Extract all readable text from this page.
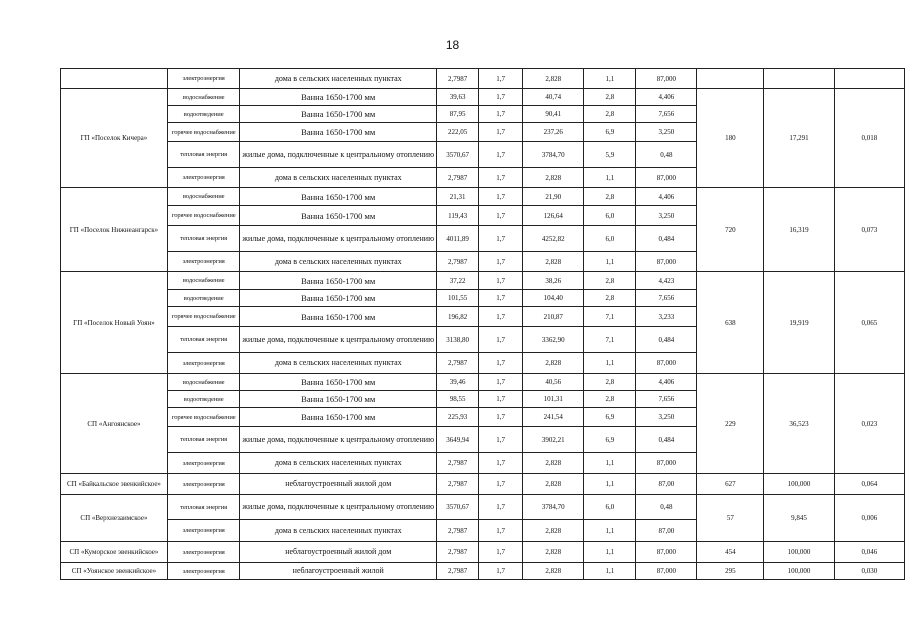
18
	электроэнергия	дома в сельских населенных пунктах	2,7987	1,7	2,828	1,1	87,000			
ГП «Поселок Кичера»	водоснабжение	Ванна 1650-1700 мм	39,63	1,7	40,74	2,8	4,406	180	17,291	0,018
	водоотведение	Ванна 1650-1700 мм	87,95	1,7	90,41	2,8	7,656			
	горячее водоснабжение	Ванна 1650-1700 мм	222,05	1,7	237,26	6,9	3,250			
	тепловая энергия	жилые дома, подключенные к центральному отоплению	3570,67	1,7	3784,70	5,9	0,48			
	электроэнергия	дома в сельских населенных пунктах	2,7987	1,7	2,828	1,1	87,000			
ГП «Поселок Нижнеангарск»	водоснабжение	Ванна 1650-1700 мм	21,31	1,7	21,90	2,8	4,406	720	16,319	0,073
	горячее водоснабжение	Ванна 1650-1700 мм	119,43	1,7	126,64	6,0	3,250			
	тепловая энергия	жилые дома, подключенные к центральному отоплению	4011,89	1,7	4252,82	6,0	0,484			
	электроэнергия	дома в сельских населенных пунктах	2,7987	1,7	2,828	1,1	87,000			
ГП «Поселок Новый Уоян»	водоснабжение	Ванна 1650-1700 мм	37,22	1,7	38,26	2,8	4,423	638	19,919	0,065
	водоотведение	Ванна 1650-1700 мм	101,55	1,7	104,40	2,8	7,656			
	горячее водоснабжение	Ванна 1650-1700 мм	196,82	1,7	210,87	7,1	3,233			
	тепловая энергия	жилые дома, подключенные к центральному отоплению	3138,80	1,7	3362,90	7,1	0,484			
	электроэнергия	дома в сельских населенных пунктах	2,7987	1,7	2,828	1,1	87,000			
СП «Ангоянское»	водоснабжение	Ванна 1650-1700 мм	39,46	1,7	40,56	2,8	4,406	229	36,523	0,023
	водоотведение	Ванна 1650-1700 мм	98,55	1,7	101,31	2,8	7,656			
	горячее водоснабжение	Ванна 1650-1700 мм	225,93	1,7	241,54	6,9	3,250			
	тепловая энергия	жилые дома, подключенные к центральному отоплению	3649,94	1,7	3902,21	6,9	0,484			
	электроэнергия	дома в сельских населенных пунктах	2,7987	1,7	2,828	1,1	87,000			
СП «Байкальское эвенкийское»	электроэнергия	неблагоустроенный жилой дом	2,7987	1,7	2,828	1,1	87,00	627	100,000	0,064
СП «Верхнезаимское»	тепловая энергия	жилые дома, подключенные к центральному отоплению	3570,67	1,7	3784,70	6,0	0,48	57	9,845	0,006
	электроэнергия	дома в сельских населенных пунктах	2,7987	1,7	2,828	1,1	87,00			
СП «Куморское эвенкийское»	электроэнергия	неблагоустроенный жилой дом	2,7987	1,7	2,828	1,1	87,000	454	100,000	0,046
СП «Уоянское эвенкийское»	электроэнергия	неблагоустроенный жилой	2,7987	1,7	2,828	1,1	87,000	295	100,000	0,030
